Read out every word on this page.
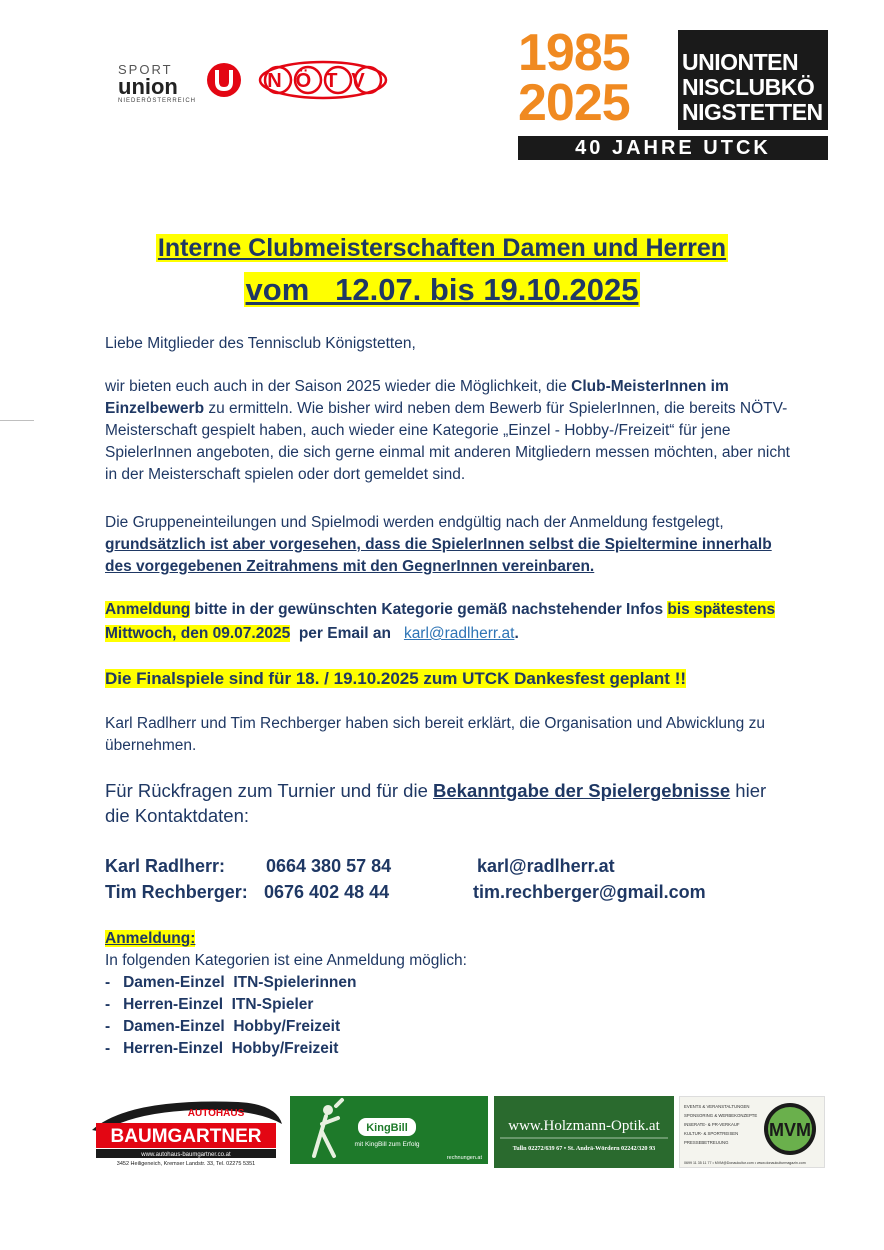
SPORT
union
NIEDERÖSTERREICH
NÖTV	1985
2025
UNIONTEN
NISCLUBKÖ
NIGSTETTEN
40 JAHRE UTCK
Interne Clubmeisterschaften Damen und Herren
vom   12.07. bis 19.10.2025
Liebe Mitglieder des Tennisclub Königstetten,
wir bieten euch auch in der Saison 2025 wieder die Möglichkeit, die Club-MeisterInnen im Einzelbewerb zu ermitteln. Wie bisher wird neben dem Bewerb für SpielerInnen, die bereits NÖTV-Meisterschaft gespielt haben, auch wieder eine Kategorie „Einzel - Hobby-/Freizeit“ für jene SpielerInnen angeboten, die sich gerne einmal mit anderen Mitgliedern messen möchten, aber nicht in der Meisterschaft spielen oder dort gemeldet sind.
Die Gruppeneinteilungen und Spielmodi werden endgültig nach der Anmeldung festgelegt, grundsätzlich ist aber vorgesehen, dass die SpielerInnen selbst die Spieltermine innerhalb des vorgegebenen Zeitrahmens mit den GegnerInnen vereinbaren.
Anmeldung bitte in der gewünschten Kategorie gemäß nachstehender Infos bis spätestens Mittwoch, den 09.07.2025  per Email an   karl@radlherr.at.
Die Finalspiele sind für 18. / 19.10.2025 zum UTCK Dankesfest geplant !!
Karl Radlherr und Tim Rechberger haben sich bereit erklärt, die Organisation und Abwicklung zu übernehmen.
Für Rückfragen zum Turnier und für die Bekanntgabe der Spielergebnisse hier die Kontaktdaten:
Karl Radlherr: 0664 380 57 84	karl@radlherr.at
Tim Rechberger: 0676 402 48 44	tim.rechberger@gmail.com
Anmeldung:
In folgenden Kategorien ist eine Anmeldung möglich:
-   Damen-Einzel  ITN-Spielerinnen
-   Herren-Einzel  ITN-Spieler
-   Damen-Einzel  Hobby/Freizeit
-   Herren-Einzel  Hobby/Freizeit
AUTOHAUS
BAUMGARTNER
www.autohaus-baumgartner.co.at
3452 Heiligeneich, Kremser Landstr. 33, Tel. 02275 5351
KingBill
mit KingBill zum Erfolg
rechnungen.at
www.Holzmann-Optik.at
Tulln 02272/639 67 • St. Andrä-Wördern 02242/320 93
EVENTS & VERANSTALTUNGEN
SPONSORING & WERBEKONZEPTE
INSERATE- & PR-VERKAUF
KULTUR- & SPORTREISEN
PRESSEBETREUUNG
MVM
0699 11 35 11 77 • MVM@Donaukultur.com • www.donaukulturmagazin.com
